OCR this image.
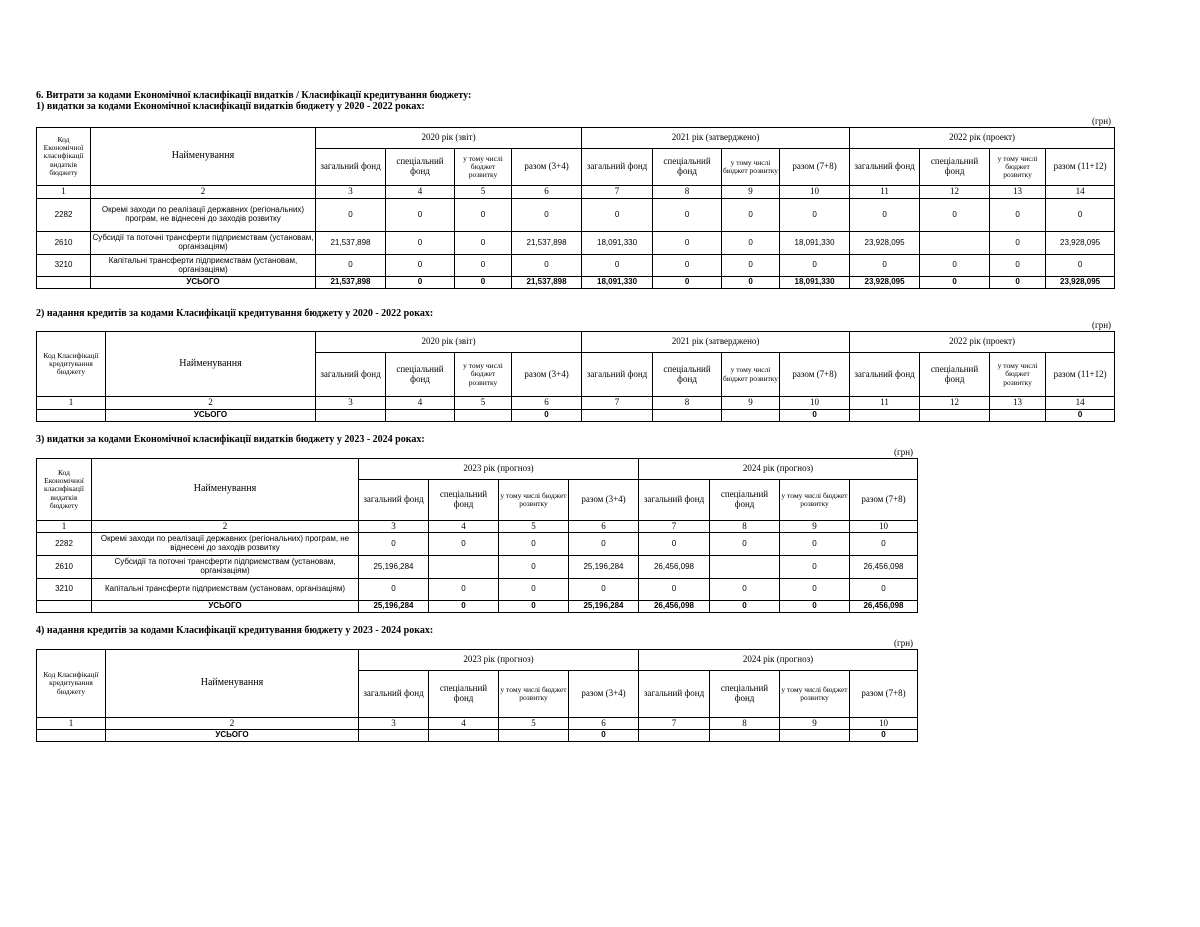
6. Витрати за кодами Економічної класифікації видатків / Класифікації кредитування бюджету:
1) видатки за кодами Економічної класифікації видатків бюджету у 2020 - 2022 роках:
(грн)
Код Економічної класифікації видатків бюджету	Найменування	2020 рік (звіт)				2021 рік (затверджено)				2022 рік (проект)			
		загальний фонд	спеціальний фонд	у тому числі бюджет розвитку	разом (3+4)	загальний фонд	спеціальний фонд	у тому числі бюджет розвитку	разом (7+8)	загальний фонд	спеціальний фонд	у тому числі бюджет розвитку	разом (11+12)
1	2	3	4	5	6	7	8	9	10	11	12	13	14
2282	Окремі заходи по реалізації державних (регіональних) програм, не віднесені до заходів розвитку	0	0	0	0	0	0	0	0	0	0	0	0
2610	Субсидії та поточні трансферти підприємствам (установам, організаціям)	21,537,898	0	0	21,537,898	18,091,330	0	0	18,091,330	23,928,095		0	23,928,095
3210	Капітальні трансферти підприємствам (установам, організаціям)	0	0	0	0	0	0	0	0	0	0	0	0
	УСЬОГО	21,537,898	0	0	21,537,898	18,091,330	0	0	18,091,330	23,928,095	0	0	23,928,095
2) надання кредитів за кодами Класифікації кредитування бюджету у 2020 - 2022 роках:
(грн)
Код Класифікації кредитування бюджету	Найменування	2020 рік (звіт)				2021 рік (затверджено)				2022 рік (проект)			
		загальний фонд	спеціальний фонд	у тому числі бюджет розвитку	разом (3+4)	загальний фонд	спеціальний фонд	у тому числі бюджет розвитку	разом (7+8)	загальний фонд	спеціальний фонд	у тому числі бюджет розвитку	разом (11+12)
1	2	3	4	5	6	7	8	9	10	11	12	13	14
	УСЬОГО				0				0				0
3) видатки за кодами Економічної класифікації видатків бюджету у 2023 - 2024 роках:
(грн)
Код Економічної класифікації видатків бюджету	Найменування	2023 рік (прогноз)				2024 рік (прогноз)			
		загальний фонд	спеціальний фонд	у тому числі бюджет розвитку	разом (3+4)	загальний фонд	спеціальний фонд	у тому числі бюджет розвитку	разом (7+8)
1	2	3	4	5	6	7	8	9	10
2282	Окремі заходи по реалізації державних (регіональних) програм, не віднесені до заходів розвитку	0	0	0	0	0	0	0	0
2610	Субсидії та поточні трансферти підприємствам (установам, організаціям)	25,196,284		0	25,196,284	26,456,098		0	26,456,098
3210	Капітальні трансферти підприємствам (установам, організаціям)	0	0	0	0	0	0	0	0
	УСЬОГО	25,196,284	0	0	25,196,284	26,456,098	0	0	26,456,098
4) надання кредитів за кодами Класифікації кредитування бюджету у 2023 - 2024 роках:
(грн)
Код Класифікації кредитування бюджету	Найменування	2023 рік (прогноз)				2024 рік (прогноз)			
		загальний фонд	спеціальний фонд	у тому числі бюджет розвитку	разом (3+4)	загальний фонд	спеціальний фонд	у тому числі бюджет розвитку	разом (7+8)
1	2	3	4	5	6	7	8	9	10
	УСЬОГО				0				0
